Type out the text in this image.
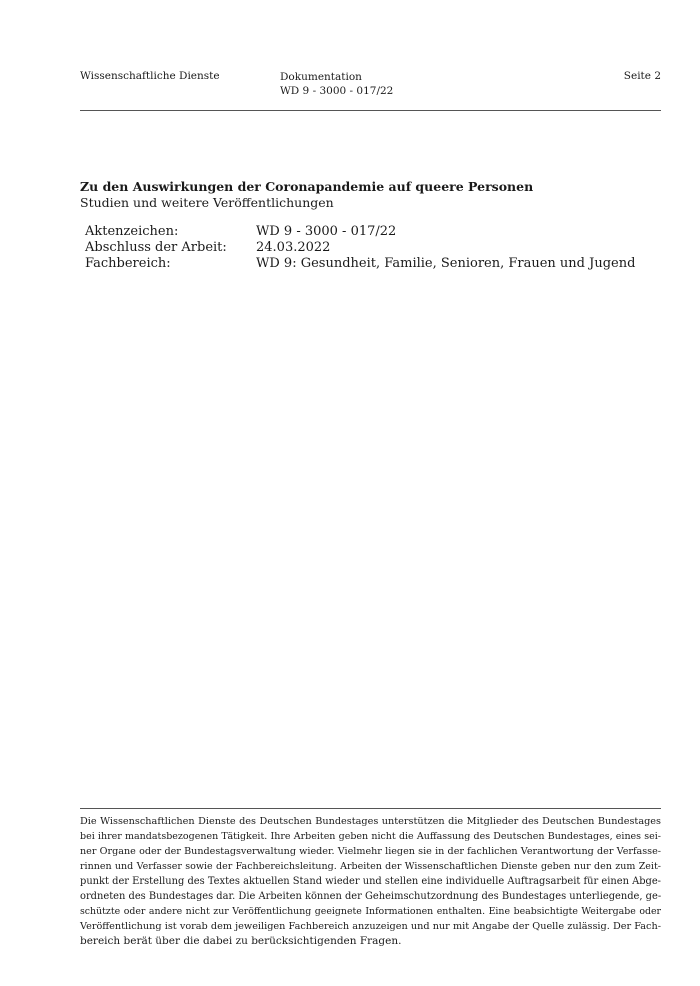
Wissenschaftliche Dienste	Dokumentation
WD 9 - 3000 - 017/22
Seite 2
Zu den Auswirkungen der Coronapandemie auf queere Personen
Studien und weitere Veröffentlichungen
Aktenzeichen:	WD 9 - 3000 - 017/22
Abschluss der Arbeit: 24.03.2022
Fachbereich:	WD 9: Gesundheit, Familie, Senioren, Frauen und Jugend
Die Wissenschaftlichen Dienste des Deutschen Bundestages unterstützen die Mitglieder des Deutschen Bundestages
bei ihrer mandatsbezogenen Tätigkeit. Ihre Arbeiten geben nicht die Auffassung des Deutschen Bundestages, eines sei-
ner Organe oder der Bundestagsverwaltung wieder. Vielmehr liegen sie in der fachlichen Verantwortung der Verfasse-
rinnen und Verfasser sowie der Fachbereichsleitung. Arbeiten der Wissenschaftlichen Dienste geben nur den zum Zeit-
punkt der Erstellung des Textes aktuellen Stand wieder und stellen eine individuelle Auftragsarbeit für einen Abge-
ordneten des Bundestages dar. Die Arbeiten können der Geheimschutzordnung des Bundestages unterliegende, ge-
schützte oder andere nicht zur Veröffentlichung geeignete Informationen enthalten. Eine beabsichtigte Weitergabe oder
Veröffentlichung ist vorab dem jeweiligen Fachbereich anzuzeigen und nur mit Angabe der Quelle zulässig. Der Fach-
bereich berät über die dabei zu berücksichtigenden Fragen.
